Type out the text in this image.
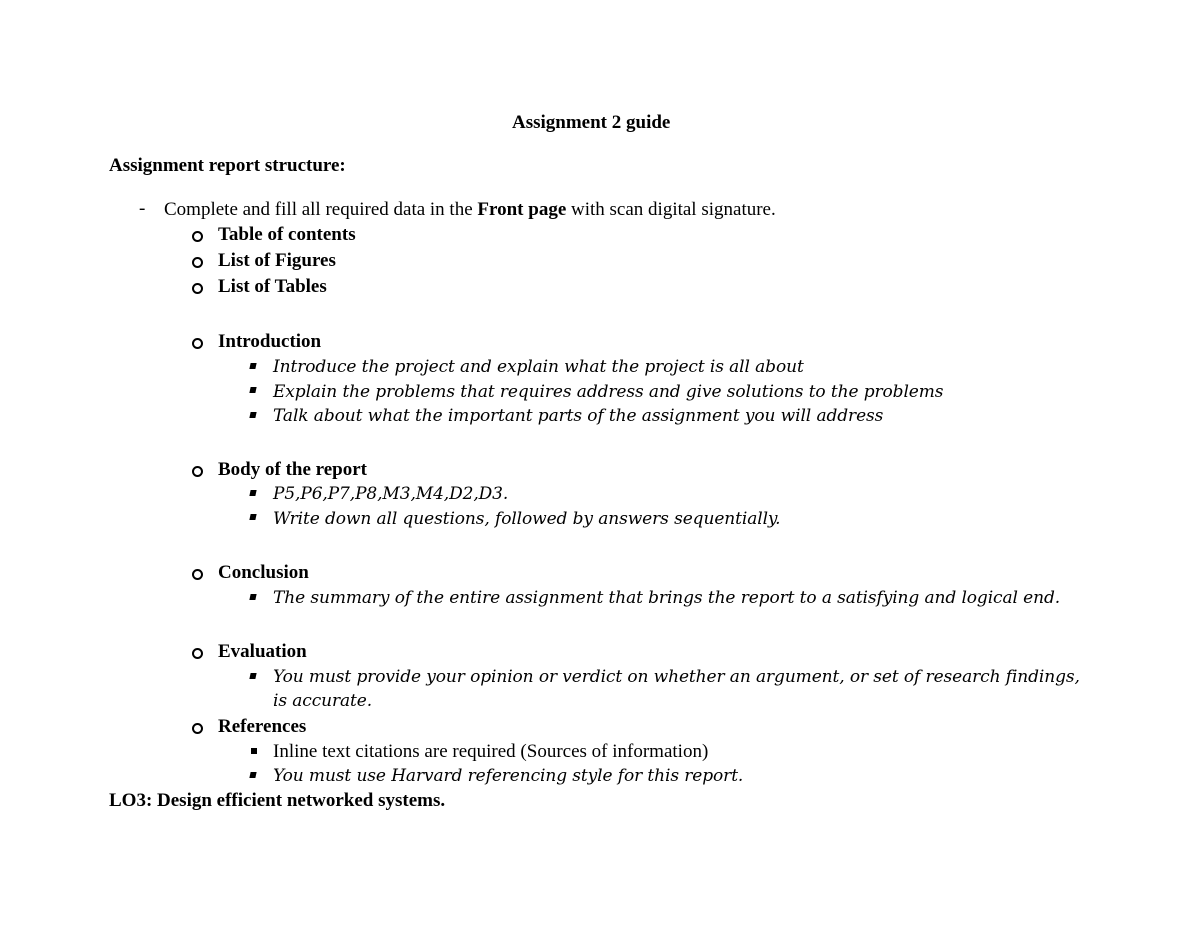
Assignment 2 guide
Assignment report structure:
- Complete and fill all required data in the Front page with scan digital signature.
Table of contents
List of Figures
List of Tables
Introduction
Introduce the project and explain what the project is all about
Explain the problems that requires address and give solutions to the problems
Talk about what the important parts of the assignment you will address
Body of the report
P5,P6,P7,P8,M3,M4,D2,D3.
Write down all questions, followed by answers sequentially.
Conclusion
The summary of the entire assignment that brings the report to a satisfying and logical end.
Evaluation
You must provide your opinion or verdict on whether an argument, or set of research findings,
is accurate.
References
Inline text citations are required (Sources of information)
You must use Harvard referencing style for this report.
LO3: Design efficient networked systems.
